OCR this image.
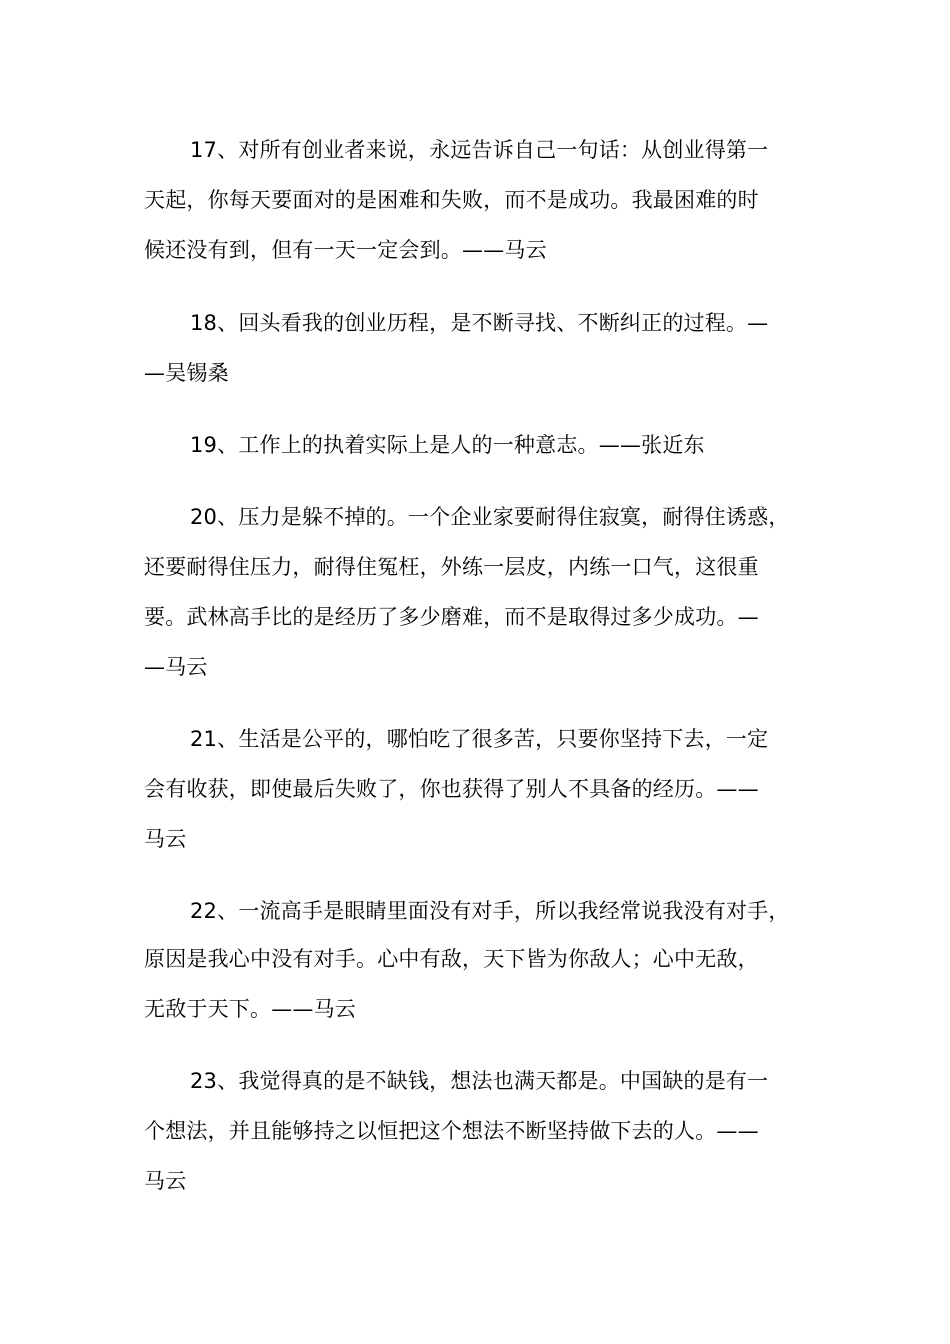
17、对所有创业者来说，永远告诉自己一句话：从创业得第一
天起，你每天要面对的是困难和失败，而不是成功。我最困难的时
候还没有到，但有一天一定会到。——马云
18、回头看我的创业历程，是不断寻找、不断纠正的过程。—
—吴锡桑
19、工作上的执着实际上是人的一种意志。——张近东
20、压力是躲不掉的。一个企业家要耐得住寂寞，耐得住诱惑，
还要耐得住压力，耐得住冤枉，外练一层皮，内练一口气，这很重
要。武林高手比的是经历了多少磨难，而不是取得过多少成功。—
—马云
21、生活是公平的，哪怕吃了很多苦，只要你坚持下去，一定
会有收获，即使最后失败了，你也获得了别人不具备的经历。——
马云
22、一流高手是眼睛里面没有对手，所以我经常说我没有对手，
原因是我心中没有对手。心中有敌，天下皆为你敌人；心中无敌，
无敌于天下。——马云
23、我觉得真的是不缺钱，想法也满天都是。中国缺的是有一
个想法，并且能够持之以恒把这个想法不断坚持做下去的人。——
马云
